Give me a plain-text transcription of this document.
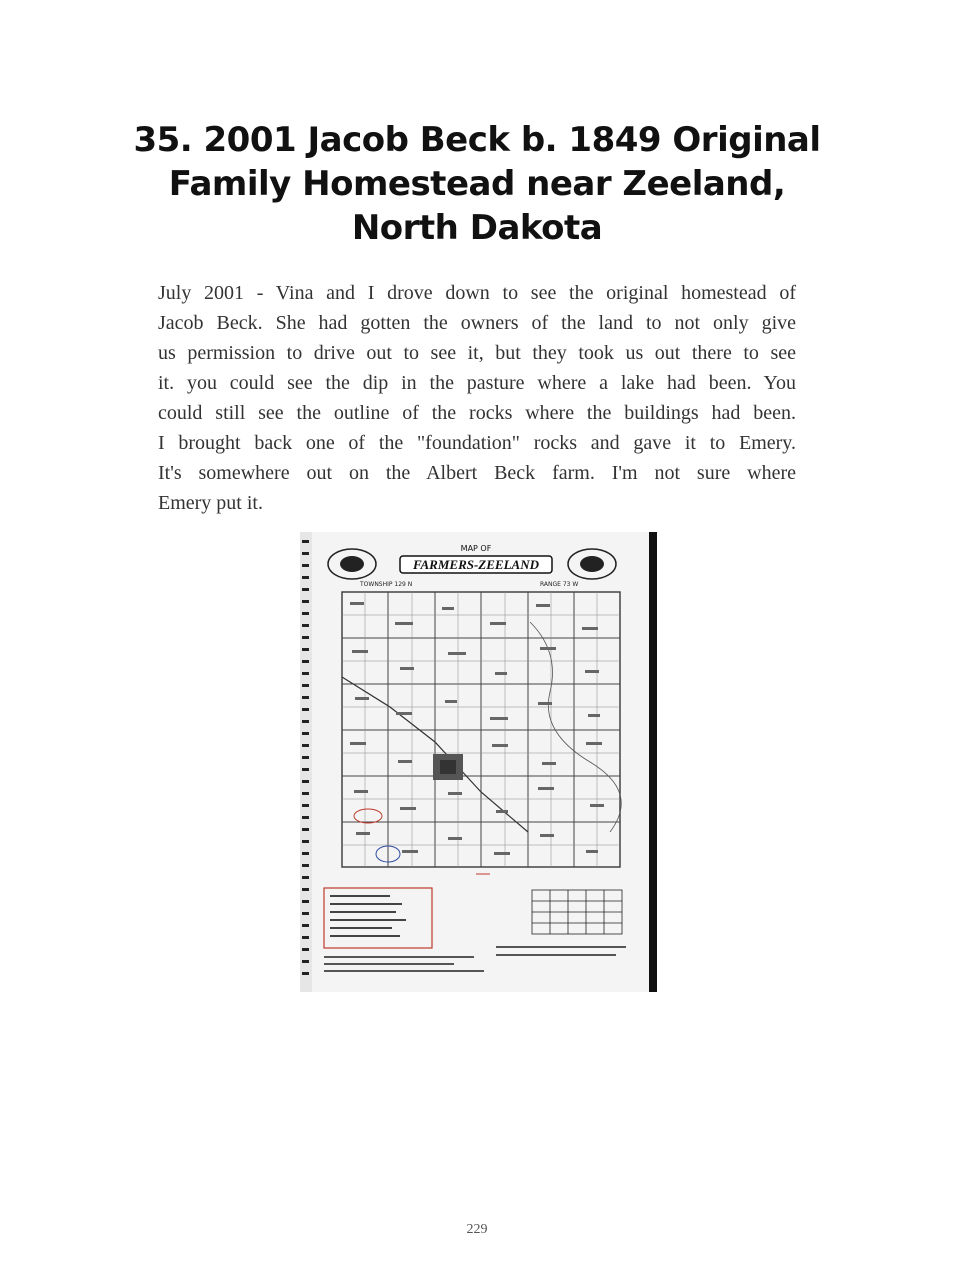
35. 2001 Jacob Beck b. 1849 Original
Family Homestead near Zeeland,
North Dakota
July 2001 - Vina and I drove down to see the original homestead of
Jacob Beck. She had gotten the owners of the land to not only give
us permission to drive out to see it, but they took us out there to see
it. you could see the dip in the pasture where a lake had been. You
could still see the outline of the rocks where the buildings had been.
I brought back one of the "foundation" rocks and gave it to Emery.
It's somewhere out on the Albert Beck farm. I'm not sure where
Emery put it.
MAP OF
FARMERS-ZEELAND
TOWNSHIP 129 N	RANGE 73 W
229
